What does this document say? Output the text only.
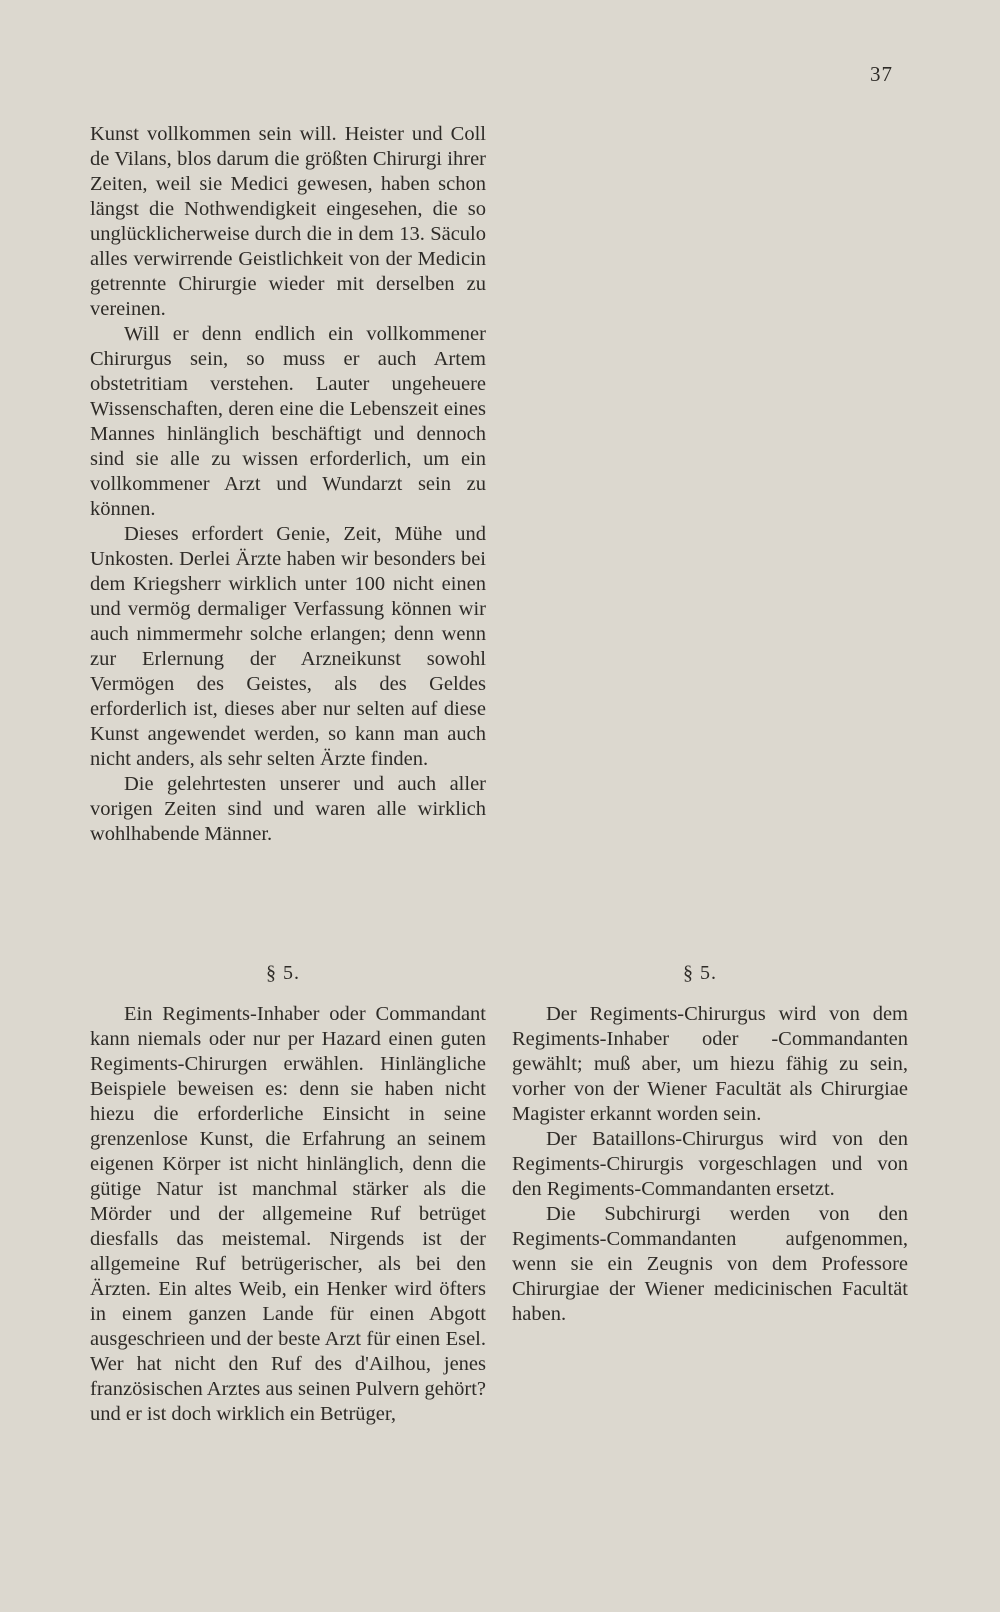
37

Kunst vollkommen sein will. Heister und Coll de Vilans, blos darum die größten Chirurgi ihrer Zeiten, weil sie Medici gewesen, haben schon längst die Nothwendigkeit eingesehen, die so unglücklicherweise durch die in dem 13. Säculo alles verwirrende Geistlichkeit von der Medicin getrennte Chirurgie wieder mit derselben zu vereinen.

Will er denn endlich ein vollkommener Chirurgus sein, so muss er auch Artem obstetritiam verstehen. Lauter ungeheuere Wissenschaften, deren eine die Lebenszeit eines Mannes hinlänglich beschäftigt und dennoch sind sie alle zu wissen erforderlich, um ein vollkommener Arzt und Wundarzt sein zu können.

Dieses erfordert Genie, Zeit, Mühe und Unkosten. Derlei Ärzte haben wir besonders bei dem Kriegsherr wirklich unter 100 nicht einen und vermög dermaliger Verfassung können wir auch nimmermehr solche erlangen; denn wenn zur Erlernung der Arzneikunst sowohl Vermögen des Geistes, als des Geldes erforderlich ist, dieses aber nur selten auf diese Kunst angewendet werden, so kann man auch nicht anders, als sehr selten Ärzte finden.

Die gelehrtesten unserer und auch aller vorigen Zeiten sind und waren alle wirklich wohlhabende Männer.

§ 5.	§ 5.

Ein Regiments-Inhaber oder Commandant kann niemals oder nur per Hazard einen guten Regiments-Chirurgen erwählen. Hinlängliche Beispiele beweisen es: denn sie haben nicht hiezu die erforderliche Einsicht in seine grenzenlose Kunst, die Erfahrung an seinem eigenen Körper ist nicht hinlänglich, denn die gütige Natur ist manchmal stärker als die Mörder und der allgemeine Ruf betrüget diesfalls das meistemal. Nirgends ist der allgemeine Ruf betrügerischer, als bei den Ärzten. Ein altes Weib, ein Henker wird öfters in einem ganzen Lande für einen Abgott ausgeschrieen und der beste Arzt für einen Esel. Wer hat nicht den Ruf des d'Ailhou, jenes französischen Arztes aus seinen Pulvern gehört? und er ist doch wirklich ein Betrüger,

Der Regiments-Chirurgus wird von dem Regiments-Inhaber oder -Commandanten gewählt; muß aber, um hiezu fähig zu sein, vorher von der Wiener Facultät als Chirurgiae Magister erkannt worden sein.

Der Bataillons-Chirurgus wird von den Regiments-Chirurgis vorgeschlagen und von den Regiments-Commandanten ersetzt.

Die Subchirurgi werden von den Regiments-Commandanten aufgenommen, wenn sie ein Zeugnis von dem Professore Chirurgiae der Wiener medicinischen Facultät haben.
